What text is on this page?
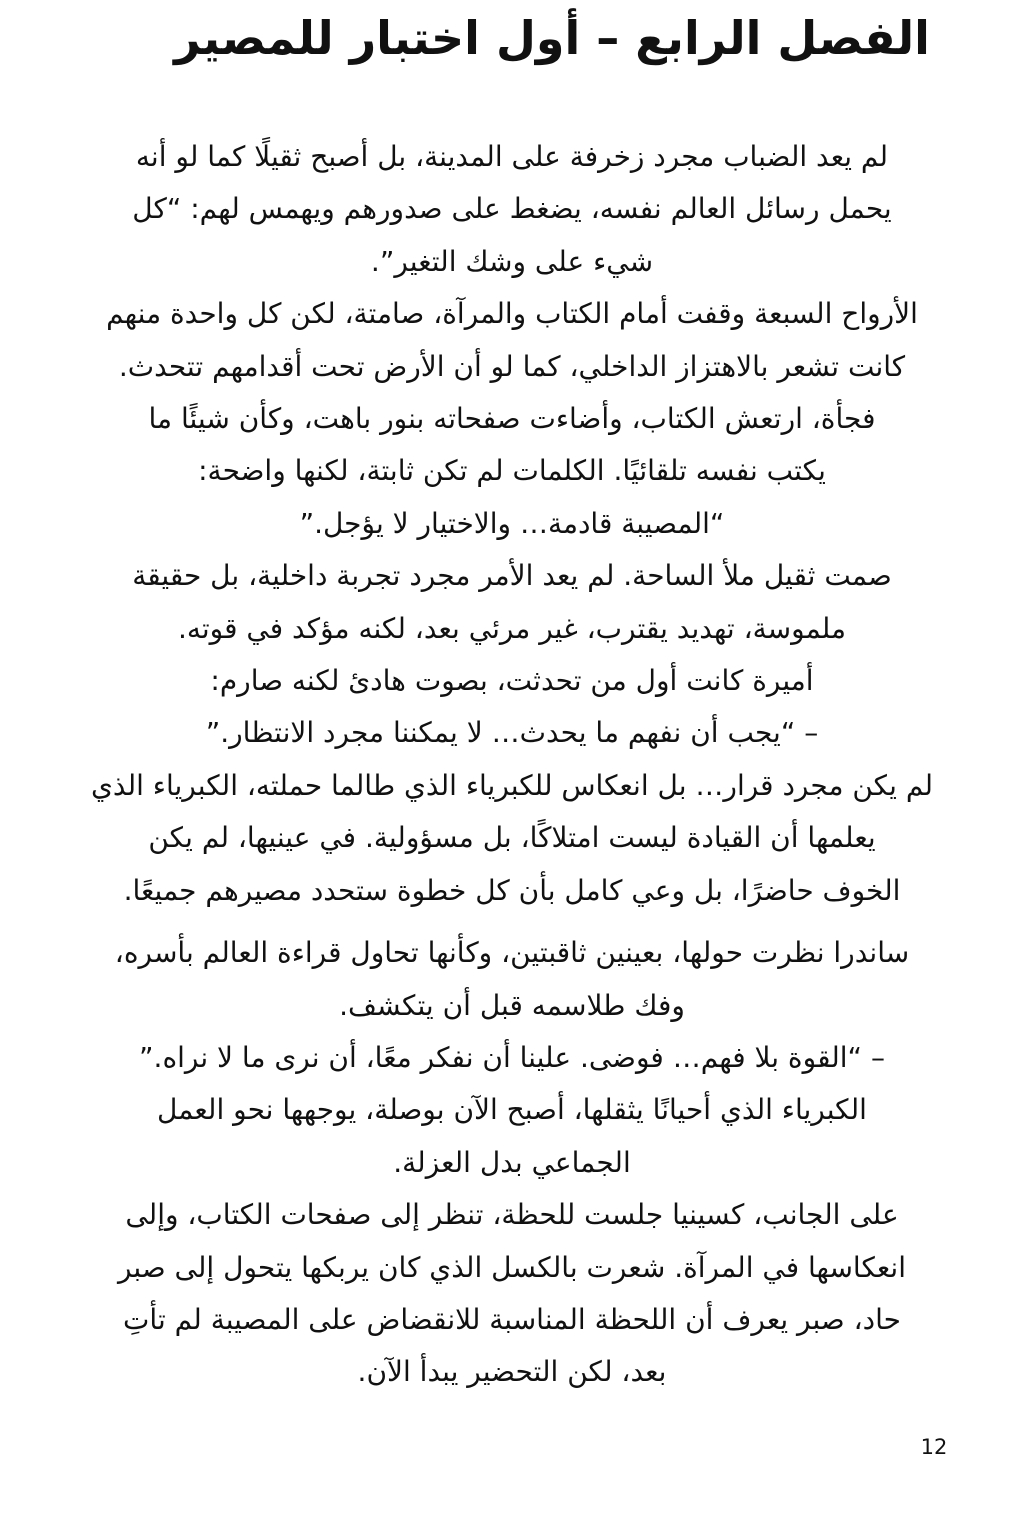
الفصل الرابع – أول اختبار للمصير
لم يعد الضباب مجرد زخرفة على المدينة، بل أصبح ثقيلًا كما لو أنه
يحمل رسائل العالم نفسه، يضغط على صدورهم ويهمس لهم: “كل
شيء على وشك التغير”.
الأرواح السبعة وقفت أمام الكتاب والمرآة، صامتة، لكن كل واحدة منهم
كانت تشعر بالاهتزاز الداخلي، كما لو أن الأرض تحت أقدامهم تتحدث.
فجأة، ارتعش الكتاب، وأضاءت صفحاته بنور باهت، وكأن شيئًا ما
يكتب نفسه تلقائيًا. الكلمات لم تكن ثابتة، لكنها واضحة:
“المصيبة قادمة… والاختيار لا يؤجل.”
صمت ثقيل ملأ الساحة. لم يعد الأمر مجرد تجربة داخلية، بل حقيقة
ملموسة، تهديد يقترب، غير مرئي بعد، لكنه مؤكد في قوته.
أميرة كانت أول من تحدثت، بصوت هادئ لكنه صارم:
– “يجب أن نفهم ما يحدث… لا يمكننا مجرد الانتظار.”
لم يكن مجرد قرار… بل انعكاس للكبرياء الذي طالما حملته، الكبرياء الذي
يعلمها أن القيادة ليست امتلاكًا، بل مسؤولية. في عينيها، لم يكن
الخوف حاضرًا، بل وعي كامل بأن كل خطوة ستحدد مصيرهم جميعًا.
ساندرا نظرت حولها، بعينين ثاقبتين، وكأنها تحاول قراءة العالم بأسره،
وفك طلاسمه قبل أن يتكشف.
– “القوة بلا فهم… فوضى. علينا أن نفكر معًا، أن نرى ما لا نراه.”
الكبرياء الذي أحيانًا يثقلها، أصبح الآن بوصلة، يوجهها نحو العمل
الجماعي بدل العزلة.
على الجانب، كسينيا جلست للحظة، تنظر إلى صفحات الكتاب، وإلى
انعكاسها في المرآة. شعرت بالكسل الذي كان يربكها يتحول إلى صبر
حاد، صبر يعرف أن اللحظة المناسبة للانقضاض على المصيبة لم تأتِ
بعد، لكن التحضير يبدأ الآن.
12
